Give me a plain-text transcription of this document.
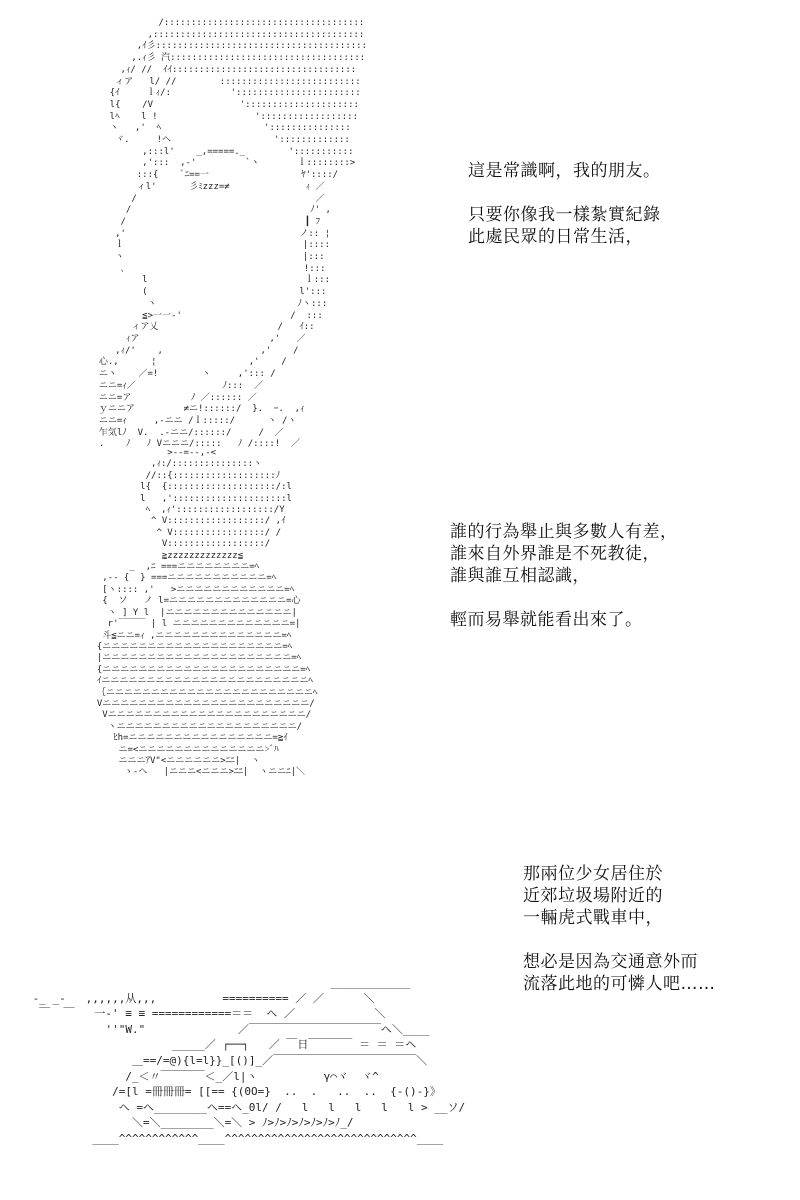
/:::::::::::::::::::::::::::::::::::::
,:::::::::::::::::::::::::::::::::::::::
,ｲ彡:::::::::::::::::::::::::::::::::::::::
,.ｨ彡 汽::::::::::::::::::::::::::::::::::::
,ｨ/ //  ｲｲ::::::::::::::::::::::::::::::::::
ィア   l/ //        ::::::::::::::::::::::::::
{ｲ     ｌｨ/:           ':::::::::::::::::::::::
l{    /V                ':::::::::::::::::::::
lﾍ    l !                  '::::::::::::::::::
ヽ   ,'  ﾍ                   ':::::::::::::::
ヾ.     !ヘ                   ':::::::::::::
,:::l'    _,=====._        ':::::::::::
,':::  ,-'         `ヽ       ｌ::::::::>
:::{    ﾞﾆ==一                 ﾔ'::::/
ィl'      彡ﾐzzz=≠              ｨ ／
/                                 ／
/                                 ﾉ' ,
/                                 ┃ ﾌ
,'                                ノ:: ¦
ｌ                                 |::::
ヽ                                 |:::
､                                 !:::
l                             ｌ:::
(                            l':::
ヽ                          ﾉヽ:::
≦>一一‐'                    /  :::
ィア乂                      /   ｲ::
ｨア                        ,'   ／
,ｨ/'    ,                  ,'    /
心.,      ¦                 ,'    /
ニヽ    ／=!        ヽ     ,'::: /
ニニ=ｨ／                ﾉ:::  ／
ニニ=ア           ﾉ ／:::::: ／
ｙニニア         ≠ニ!::::::/  }.  ｰ.  ,ｨ
ニニ=ｨ     ,-ニニ /ｌ:::::/      ヽ /ヽ
乍気lﾉ  V.  .‐ニニ/::::::/     /  ／
.    ﾉ   ﾉ Vニニニ/:::::   ﾉ /::::!  ／

這是常識啊，我的朋友。

只要你像我一樣紮實紀錄

此處民眾的日常生活，

>-‐=‐‐,-<
,ｨ:/:::::::::::::::ヽ
//::{:::::::::::::::::::ﾉ
l{  {::::::::::::::::::::/:l
l   ,':::::::::::::::::::::l
ﾍ  ,ｨ'::::::::::::::::::/Y
^ V::::::::::::::::::/ ,ｲ
^ V:::::::::::::::::/ /
V::::::::::::::::::/
≧zzzzzzzzzzzzz≦
_  ,ﾆ ===ニニニニニニニニ=ﾍ
,‐‐ {  } ===ニニニニニニニニニニニ=ﾍ
[ヽ:::: ,'   >ニニニニニニニニニニニニ=ﾍ
{  ソ   ノ l=ニニニニニニニニニニニニニ=心
ヽ ] Y l  |ニニニニニニニニニニニニニニ|
r'￣￣￣ | l ニニニニニニニニニニニニニ=|
斗≦ニニ=ｨ ,ニニニニニニニニニニニニニニ=ﾍ
{ニニニニニニニニニニニニニニニニニニニニ=ﾍ
|ニニニニニニニニニニニニニニニニニニニニニ=ﾍ
{ニニニニニニニニニニニニニニニニニニニニニニ=ﾍ
ｲニニニニニニニニニニニニニニニニニニニニニニニﾍ
｛ニニニニニニニニニニニニニニニニニニニニニニニﾍ
Vニニニニニニニニニニニニニニニニニニニニニニニ/
Vニニニニニニニニニニニニニニニニニニニニニニ/
ヽニニニニニニニニニニニニニニニニニニニニ/
ﾋh=ニニニニニニニニニニニニニニニニ=≧ｲ
ニ=<ニニニニニニニニニニニニニニ>ﾞﾊ
ニニニｱV"<ニニニニニニ>ﾆﾆ|  ヽ
ゝ‐ヘ   |ニニニ<ニニニ>ﾆﾆ|  ヽニニﾆ|＼

誰的行為舉止與多數人有差，

誰來自外界誰是不死教徒，

誰與誰互相認識，

輕而易舉就能看出來了。

____________
-_ _-   ,,,,,,从,,,          ========== ／ ／      ＼
￣  ￣   一‐' ≡ ≡ ============＝＝  ヘ ／            ＼
''"W."              ／￣￣￣￣￣￣￣￣￣￣￣￣ヘ＼____
_____／ ┌──┐   ／ ￣日￣￣￣￣ ＝ ＝ ＝ヘ
＿==/=@){l=l}}_[()]_／￣￣￣￣￣￣￣￣￣￣￣￣￣＼
/_＜〃￣￣￣￣＜_／l|ヽ          γ⌒ヾ  ヾ^
/=[l =冊冊冊= [[== {(0O=}  ..  .   ..  ..  {-()-}》
ヘ =ヘ________ヘ==ヘ_0l/ /   l   l   l   l   l > __ソ/
＼=＼________＼=＼ > ﾉ>ﾉ>ﾉ>ﾉ>ﾉ>ﾉ>ﾉ_/
____^^^^^^^^^^^^____^^^^^^^^^^^^^^^^^^^^^^^^^^^^^____

那兩位少女居住於

近郊垃圾場附近的

一輛虎式戰車中，

想必是因為交通意外而

流落此地的可憐人吧……
